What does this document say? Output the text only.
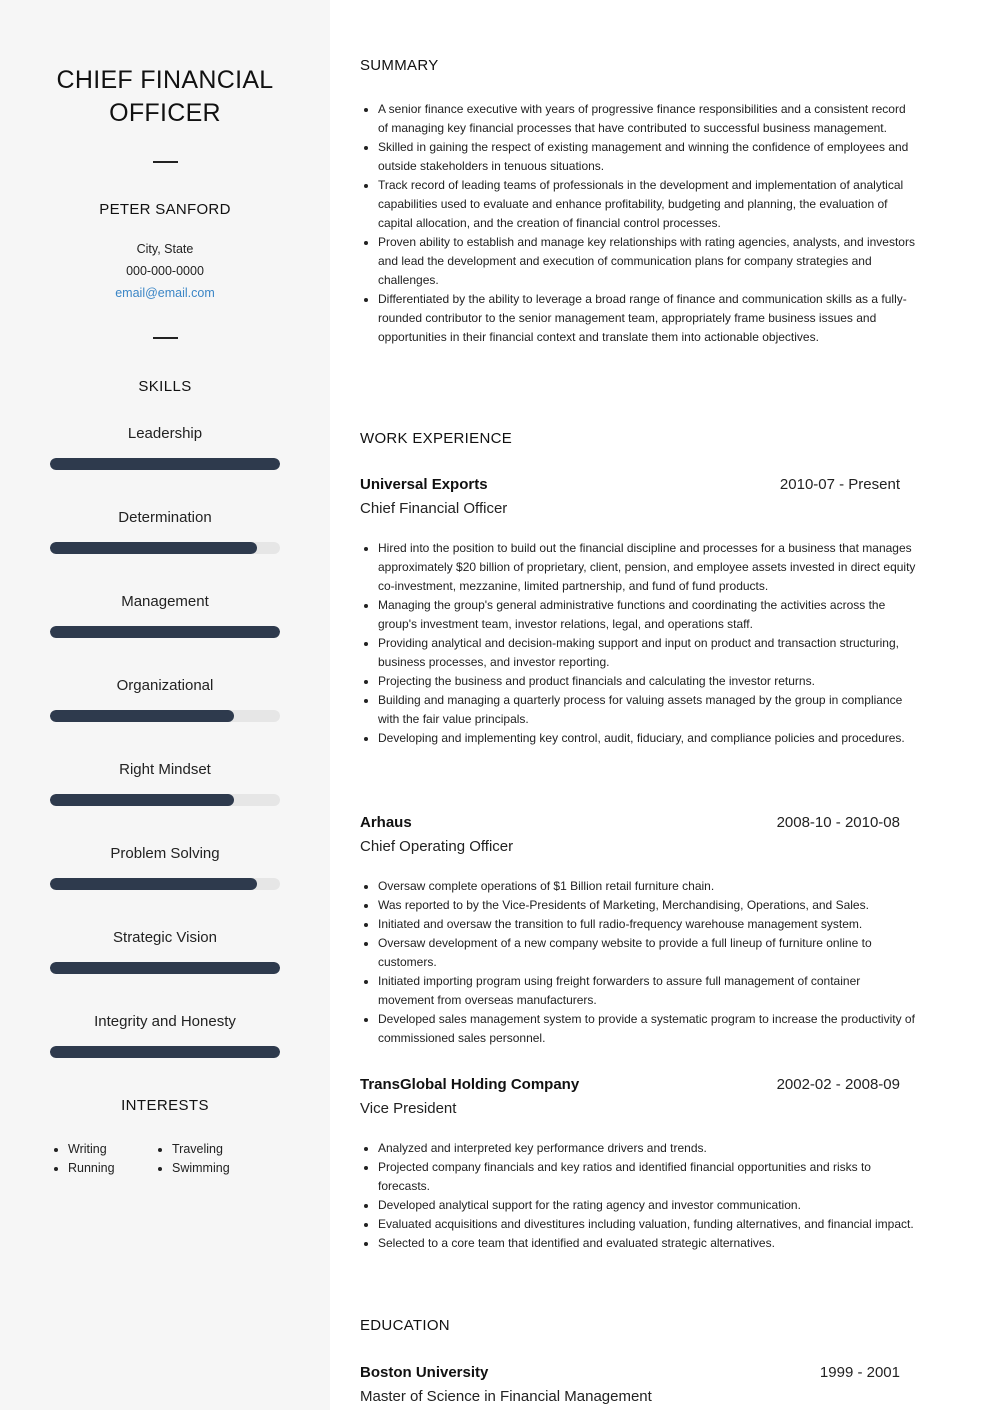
CHIEF FINANCIAL OFFICER
PETER SANFORD
City, State
000-000-0000
email@email.com
SKILLS
Leadership
Determination
Management
Organizational
Right Mindset
Problem Solving
Strategic Vision
Integrity and Honesty
INTERESTS
• Writing
• Running
• Traveling
• Swimming
SUMMARY
• A senior finance executive with years of progressive finance responsibilities and a consistent record of managing key financial processes that have contributed to successful business management.
• Skilled in gaining the respect of existing management and winning the confidence of employees and outside stakeholders in tenuous situations.
• Track record of leading teams of professionals in the development and implementation of analytical capabilities used to evaluate and enhance profitability, budgeting and planning, the evaluation of capital allocation, and the creation of financial control processes.
• Proven ability to establish and manage key relationships with rating agencies, analysts, and investors and lead the development and execution of communication plans for company strategies and challenges.
• Differentiated by the ability to leverage a broad range of finance and communication skills as a fully-rounded contributor to the senior management team, appropriately frame business issues and opportunities in their financial context and translate them into actionable objectives.
WORK EXPERIENCE
Universal Exports	2010-07 - Present
Chief Financial Officer
• Hired into the position to build out the financial discipline and processes for a business that manages approximately $20 billion of proprietary, client, pension, and employee assets invested in direct equity co-investment, mezzanine, limited partnership, and fund of fund products.
• Managing the group's general administrative functions and coordinating the activities across the group's investment team, investor relations, legal, and operations staff.
• Providing analytical and decision-making support and input on product and transaction structuring, business processes, and investor reporting.
• Projecting the business and product financials and calculating the investor returns.
• Building and managing a quarterly process for valuing assets managed by the group in compliance with the fair value principals.
• Developing and implementing key control, audit, fiduciary, and compliance policies and procedures.
Arhaus	2008-10 - 2010-08
Chief Operating Officer
• Oversaw complete operations of $1 Billion retail furniture chain.
• Was reported to by the Vice-Presidents of Marketing, Merchandising, Operations, and Sales.
• Initiated and oversaw the transition to full radio-frequency warehouse management system.
• Oversaw development of a new company website to provide a full lineup of furniture online to customers.
• Initiated importing program using freight forwarders to assure full management of container movement from overseas manufacturers.
• Developed sales management system to provide a systematic program to increase the productivity of commissioned sales personnel.
TransGlobal Holding Company	2002-02 - 2008-09
Vice President
• Analyzed and interpreted key performance drivers and trends.
• Projected company financials and key ratios and identified financial opportunities and risks to forecasts.
• Developed analytical support for the rating agency and investor communication.
• Evaluated acquisitions and divestitures including valuation, funding alternatives, and financial impact.
• Selected to a core team that identified and evaluated strategic alternatives.
EDUCATION
Boston University	1999 - 2001
Master of Science in Financial Management
